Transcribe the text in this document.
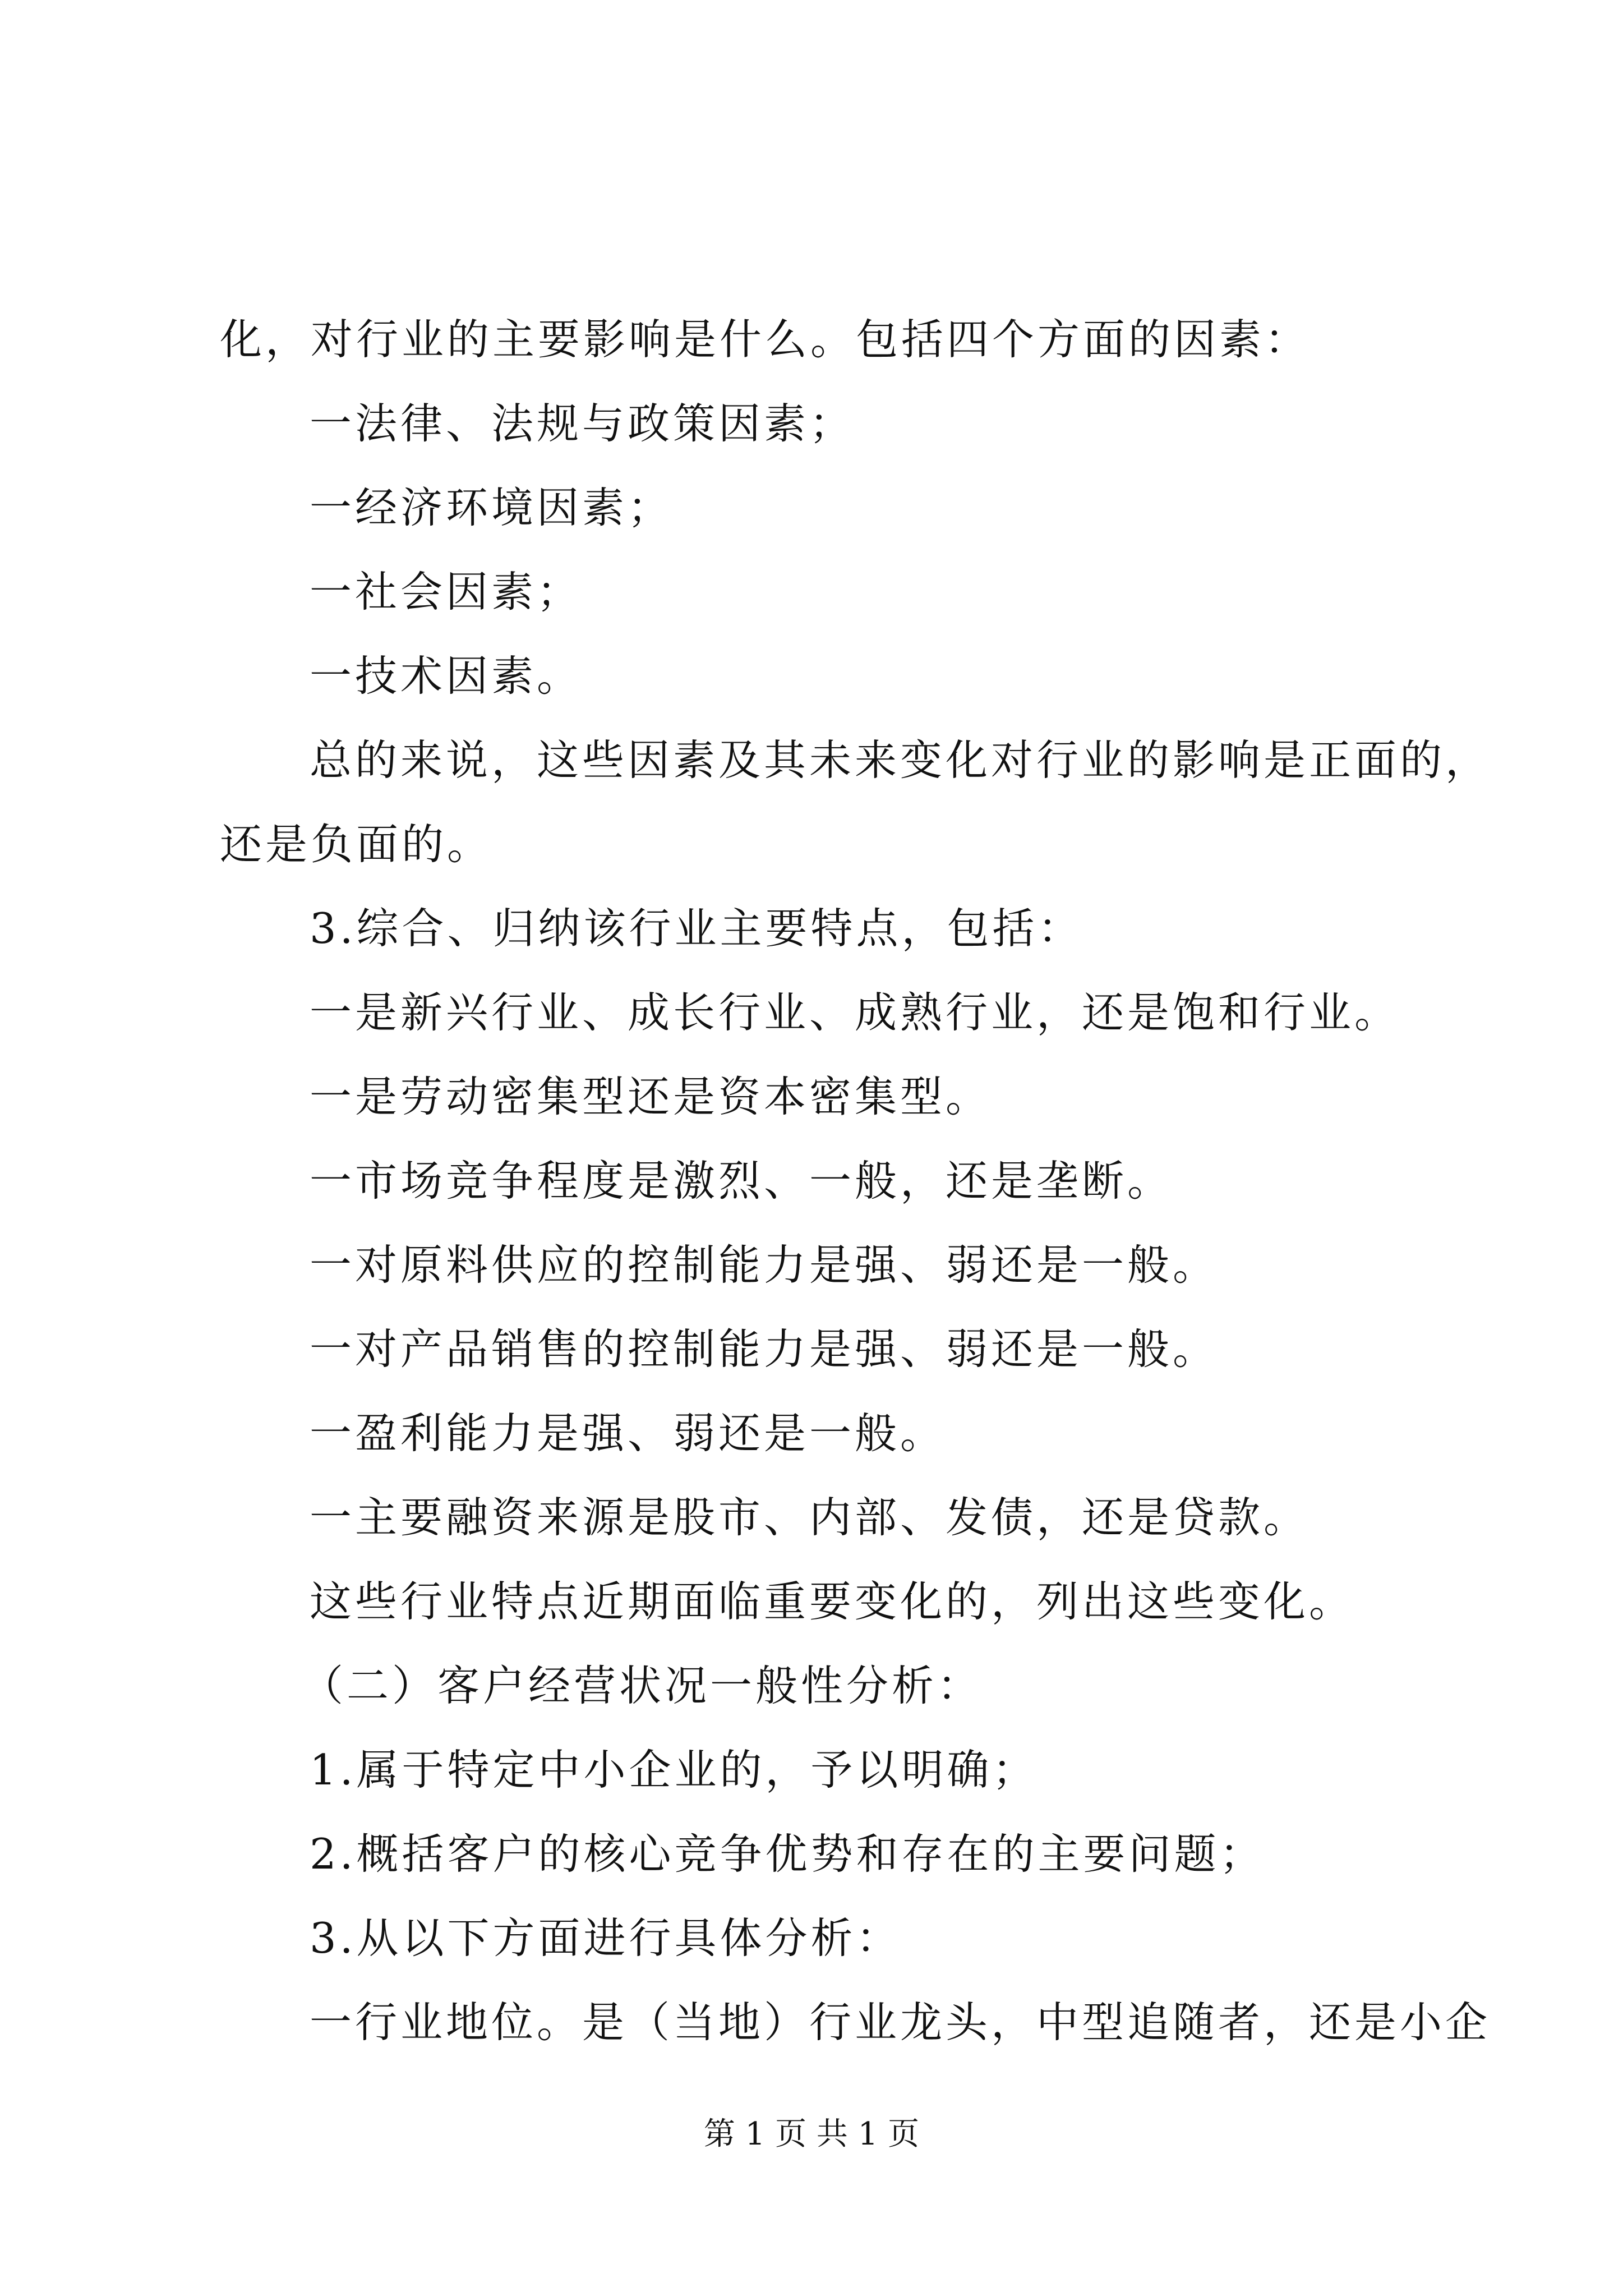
化，对行业的主要影响是什么。包括四个方面的因素：
一法律、法规与政策因素；
一经济环境因素；
一社会因素；
一技术因素。
总的来说，这些因素及其未来变化对行业的影响是正面的，
还是负面的。
3.综合、归纳该行业主要特点，包括：
一是新兴行业、成长行业、成熟行业，还是饱和行业。
一是劳动密集型还是资本密集型。
一市场竞争程度是激烈、一般，还是垄断。
一对原料供应的控制能力是强、弱还是一般。
一对产品销售的控制能力是强、弱还是一般。
一盈利能力是强、弱还是一般。
一主要融资来源是股市、内部、发债，还是贷款。
这些行业特点近期面临重要变化的，列出这些变化。
（二）客户经营状况一般性分析：
1.属于特定中小企业的，予以明确；
2.概括客户的核心竞争优势和存在的主要问题；
3.从以下方面进行具体分析：
一行业地位。是（当地）行业龙头，中型追随者，还是小企
第 1 页 共 1 页
